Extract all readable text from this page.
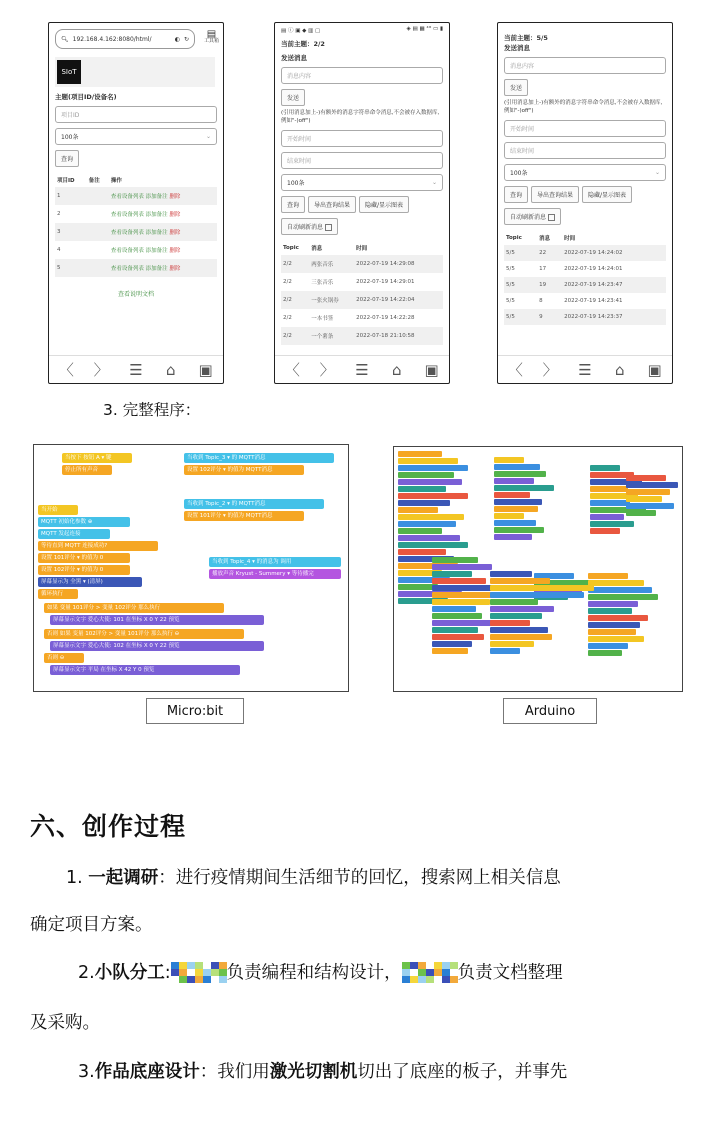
🔍︎ 192.168.4.162:8080/html/	◐ ↻ ▤
工具箱
SIoT
主题(项目ID/设备名)
项目ID
100条	⌄
查询
项目ID	备注	操作
1		查看设备列表 添加备注 删除
2		查看设备列表 添加备注 删除
3		查看设备列表 添加备注 删除
4		查看设备列表 添加备注 删除
5		查看设备列表 添加备注 删除
查看说明文档
〈 〉 ☰	⌂	▣
▤ ⓘ ▣ ◆ ▥ ▢	◈ ▤ ▦ ⁴ᴳ ▭ ▮
当前主题：2/2
发送消息
消息内容
发送
(引用消息加上-)有额外的消息字符串命令消息,不会被存入数据库,例如"-)off")
开始时间
结束时间
100条	⌄
查询	导出查询结果	隐藏/显示图表
自动刷新消息
Topic	消息	时间
2/2	两张音乐	2022-07-19 14:29:08
2/2	三张音乐	2022-07-19 14:29:01
2/2	一张火锅券	2022-07-19 14:22:04
2/2	一本书签	2022-07-19 14:22:28
2/2	一个薯条	2022-07-18 21:10:58
〈 〉 ☰	⌂	▣
当前主题：5/5
发送消息
消息内容
发送
(引用消息加上-)有额外的消息字符串命令消息,不会被存入数据库,例如"-)off")
开始时间
结束时间
100条	⌄
查询	导出查询结果	隐藏/显示图表
自动刷新消息
Topic	消息	时间
5/5	22	2022-07-19 14:24:02
5/5	17	2022-07-19 14:24:01
5/5	19	2022-07-19 14:23:47
5/5	8	2022-07-19 14:23:41
5/5	9	2022-07-19 14:23:37
〈 〉 ☰	⌂	▣
3. 完整程序：
当按下 按钮 A ▾ 键
停止所有声音
当收到 Topic_3 ▾ 的 MQTT消息
设置 102评分 ▾ 的值为 MQTT消息
当开始
MQTT 初始化参数 ⊕
MQTT 发起连接
等待直到 MQTT 连接成功?
设置 101评分 ▾ 的值为 0
设置 102评分 ▾ 的值为 0
屏幕显示为 全黑 ▾ (清屏)
循环执行
当收到 Topic_2 ▾ 的 MQTT消息
设置 101评分 ▾ 的值为 MQTT消息
当收到 Topic_4 ▾ 的消息为 调用
播放声音 Kryust - Summery ▾ 等待播完
如果 变量 101评分 > 变量 102评分 那么执行
屏幕显示文字 爱心大使: 101 在坐标 X 0 Y 22 预览
否则 如果 变量 102评分 > 变量 101评分 那么执行 ⊖
屏幕显示文字 爱心大使: 102 在坐标 X 0 Y 22 预览
否则 ⊖
屏幕显示文字 平局 在坐标 X 42 Y 0 预览
Micro:bit	Arduino
六、创作过程
1. 一起调研：进行疫情期间生活细节的回忆，搜索网上相关信息
确定项目方案。
2.小队分工:	负责编程和结构设计，	负责文档整理
及采购。
3.作品底座设计：我们用激光切割机切出了底座的板子，并事先
